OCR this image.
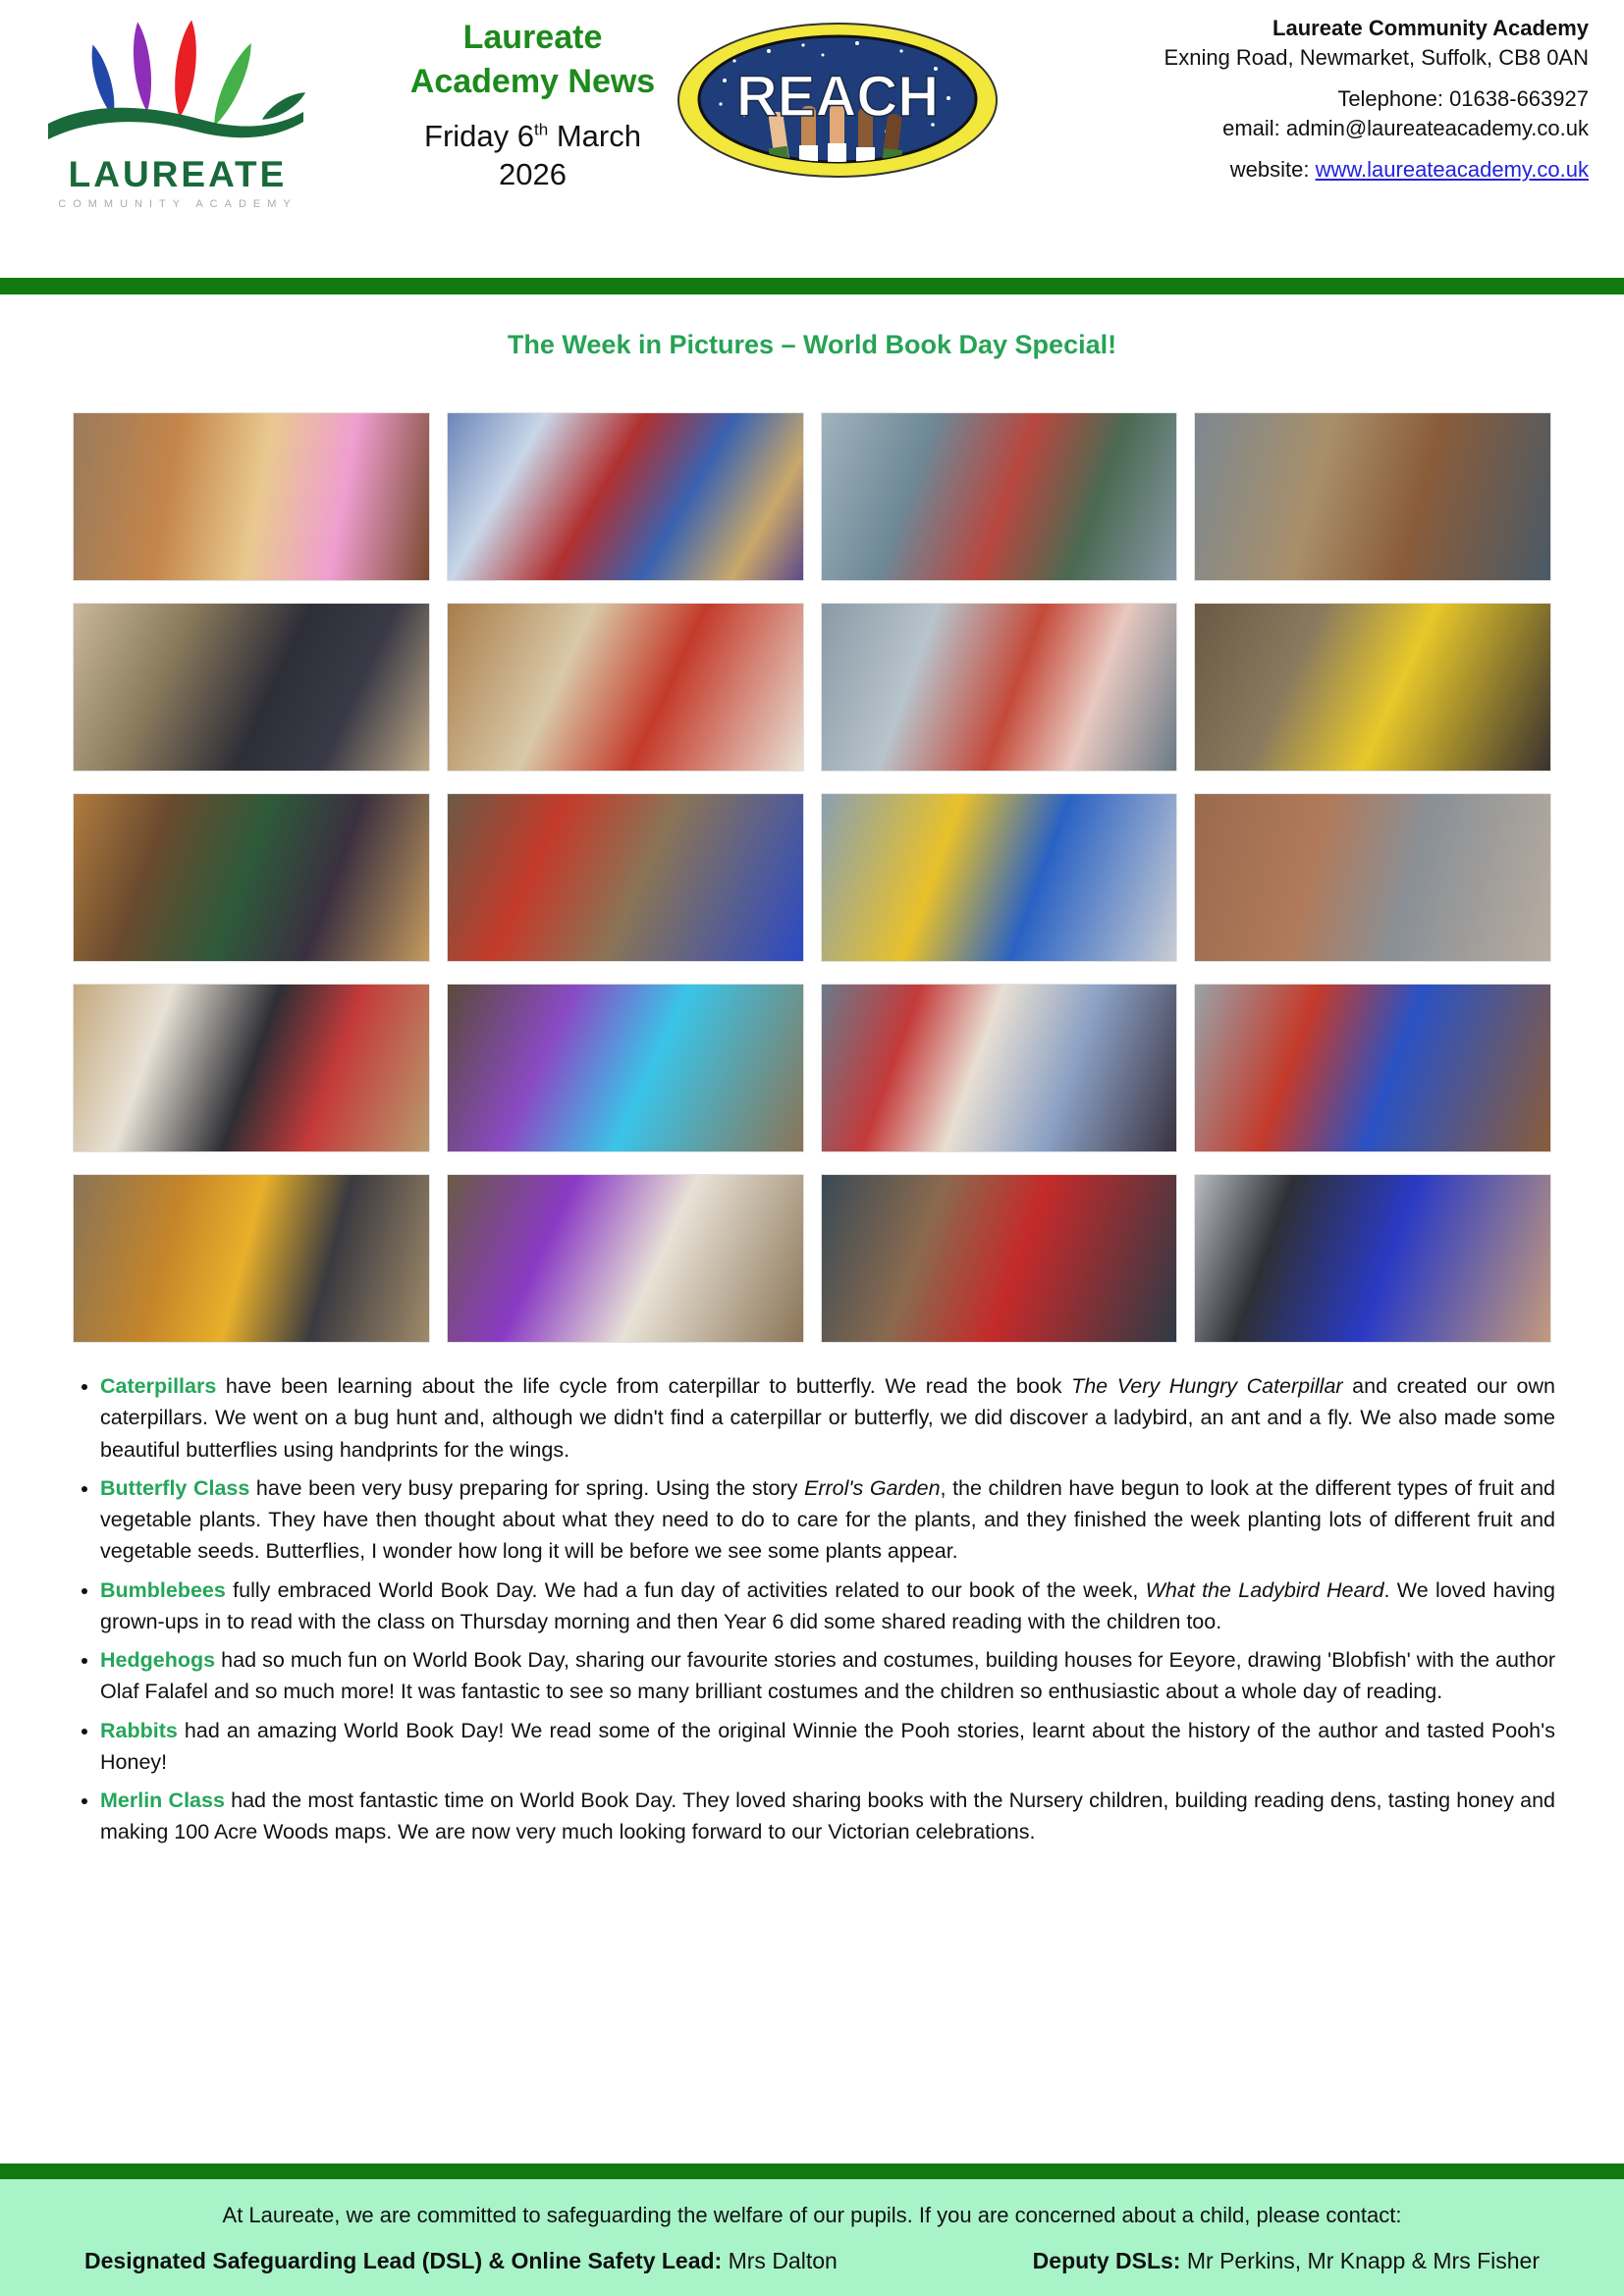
LAUREATE
COMMUNITY ACADEMY
Laureate
Academy News
Friday 6th March
2026
REACH
Laureate Community Academy
Exning Road, Newmarket, Suffolk, CB8 0AN
Telephone: 01638-663927
email: admin@laureateacademy.co.uk
website: www.laureateacademy.co.uk
The Week in Pictures – World Book Day Special!
• Caterpillars have been learning about the life cycle from caterpillar to butterfly. We read the book The Very Hungry Caterpillar and created our own caterpillars. We went on a bug hunt and, although we didn't find a caterpillar or butterfly, we did discover a ladybird, an ant and a fly. We also made some beautiful butterflies using handprints for the wings.
• Butterfly Class have been very busy preparing for spring. Using the story Errol's Garden, the children have begun to look at the different types of fruit and vegetable plants. They have then thought about what they need to do to care for the plants, and they finished the week planting lots of different fruit and vegetable seeds. Butterflies, I wonder how long it will be before we see some plants appear.
• Bumblebees fully embraced World Book Day. We had a fun day of activities related to our book of the week, What the Ladybird Heard. We loved having grown-ups in to read with the class on Thursday morning and then Year 6 did some shared reading with the children too.
• Hedgehogs had so much fun on World Book Day, sharing our favourite stories and costumes, building houses for Eeyore, drawing 'Blobfish' with the author Olaf Falafel and so much more! It was fantastic to see so many brilliant costumes and the children so enthusiastic about a whole day of reading.
• Rabbits had an amazing World Book Day! We read some of the original Winnie the Pooh stories, learnt about the history of the author and tasted Pooh's Honey!
• Merlin Class had the most fantastic time on World Book Day. They loved sharing books with the Nursery children, building reading dens, tasting honey and making 100 Acre Woods maps. We are now very much looking forward to our Victorian celebrations.
At Laureate, we are committed to safeguarding the welfare of our pupils. If you are concerned about a child, please contact:
Designated Safeguarding Lead (DSL) & Online Safety Lead: Mrs Dalton	Deputy DSLs: Mr Perkins, Mr Knapp & Mrs Fisher
